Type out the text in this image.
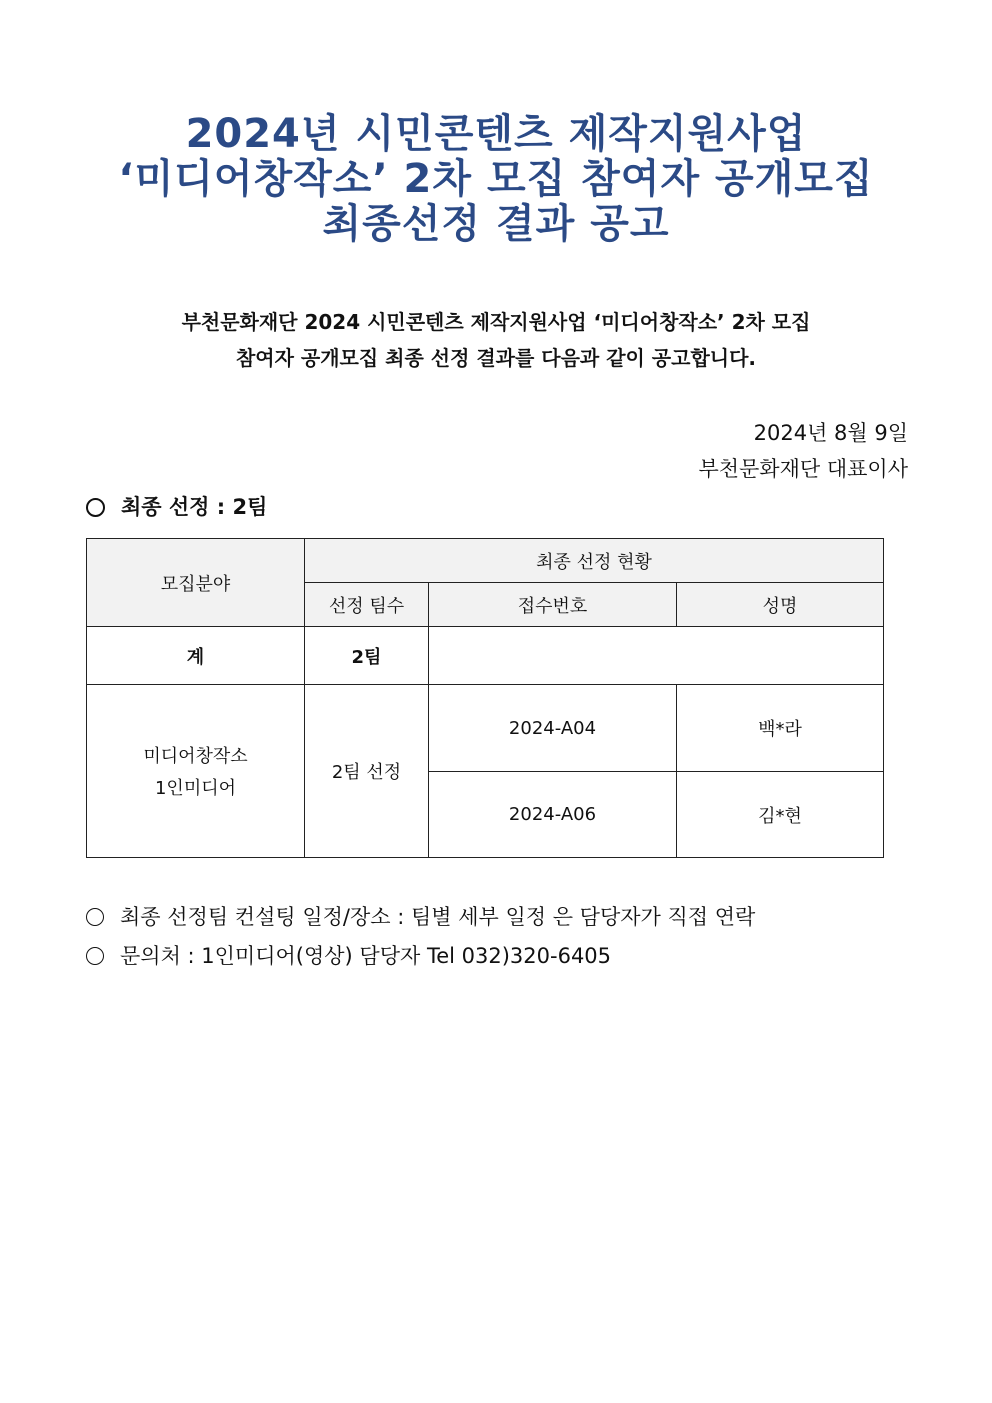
2024년 시민콘텐츠 제작지원사업
‘미디어창작소’ 2차 모집 참여자 공개모집
최종선정 결과 공고
부천문화재단 2024 시민콘텐츠 제작지원사업 ‘미디어창작소’ 2차 모집
참여자 공개모집 최종 선정 결과를 다음과 같이 공고합니다.
2024년 8월 9일
부천문화재단 대표이사
최종 선정 : 2팀
모집분야	최종 선정 현황		
	선정 팀수	접수번호	성명
계	2팀		

미디어창작소
1인미디어	2팀 선정	2024-A04	백*라
		2024-A06	김*현
최종 선정팀 컨설팅 일정/장소 : 팀별 세부 일정 은 담당자가 직접 연락
문의처 : 1인미디어(영상) 담당자 Tel 032)320-6405
